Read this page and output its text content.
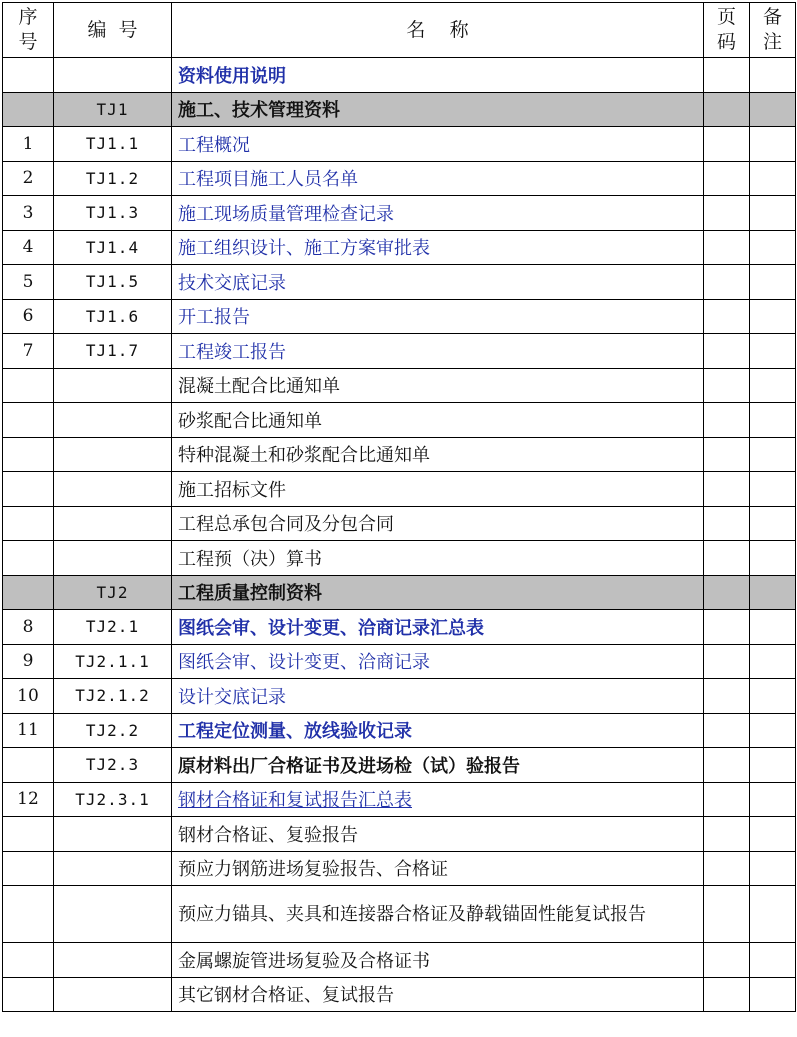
序号	编  号	名    称	页码	备注
		资料使用说明		
	TJ1	施工、技术管理资料		
1	TJ1.1	工程概况		
2	TJ1.2	工程项目施工人员名单		
3	TJ1.3	施工现场质量管理检查记录		
4	TJ1.4	施工组织设计、施工方案审批表		
5	TJ1.5	技术交底记录		
6	TJ1.6	开工报告		
7	TJ1.7	工程竣工报告		
		混凝土配合比通知单		
		砂浆配合比通知单		
		特种混凝土和砂浆配合比通知单		
		施工招标文件		
		工程总承包合同及分包合同		
		工程预（决）算书		
	TJ2	工程质量控制资料		
8	TJ2.1	图纸会审、设计变更、洽商记录汇总表		
9	TJ2.1.1	图纸会审、设计变更、洽商记录		
10	TJ2.1.2	设计交底记录		
11	TJ2.2	工程定位测量、放线验收记录		
	TJ2.3	原材料出厂合格证书及进场检（试）验报告		
12	TJ2.3.1	钢材合格证和复试报告汇总表		
		钢材合格证、复验报告		
		预应力钢筋进场复验报告、合格证		
		预应力锚具、夹具和连接器合格证及静载锚固性能复试报告		
		金属螺旋管进场复验及合格证书		
		其它钢材合格证、复试报告		
